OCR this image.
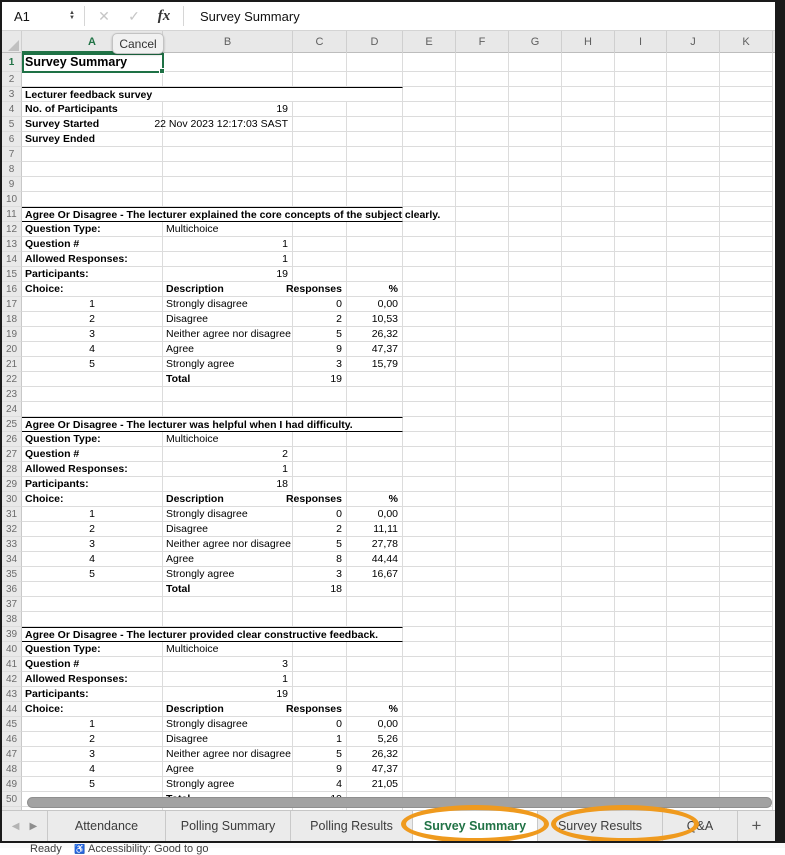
A1	▲
▼	✕	✓	fx	Survey Summary
A	B	C	D	E	F	G	H	I	J	K
1 Survey Summary
2
3	Lecturer feedback survey
4	No. of Participants	19
5	Survey Started	22 Nov 2023 12:17:03 SAST
6	Survey Ended
7
8
9
10
11 Agree Or Disagree - The lecturer explained the core concepts of the subject clearly.
12 Question Type:	Multichoice
13 Question #	1
14 Allowed Responses:	1
15 Participants:	19
16 Choice:	Description	Responses	%
17	1	Strongly disagree	0	0,00
18	2	Disagree	2	10,53
19	3	Neither agree nor disagree	5	26,32
20	4	Agree	9	47,37
21	5	Strongly agree	3	15,79
22	Total	19
23
24
25 Agree Or Disagree - The lecturer was helpful when I had difficulty.
26 Question Type:	Multichoice
27 Question #	2
28 Allowed Responses:	1
29 Participants:	18
30 Choice:	Description	Responses	%
31	1	Strongly disagree	0	0,00
32	2	Disagree	2	11,11
33	3	Neither agree nor disagree	5	27,78
34	4	Agree	8	44,44
35	5	Strongly agree	3	16,67
36	Total	18
37
38
39 Agree Or Disagree - The lecturer provided clear constructive feedback.
40 Question Type:	Multichoice
41 Question #	3
42 Allowed Responses:	1
43 Participants:	19
44 Choice:	Description	Responses	%
45	1	Strongly disagree	0	0,00
46	2	Disagree	1	5,26
47	3	Neither agree nor disagree	5	26,32
48	4	Agree	9	47,37
49	5	Strongly agree	4	21,05
50
Cancel
◀ ▶	Attendance	Polling Summary	Polling Results	Survey Summary	Survey Results	Q&A	+
Ready ♿ Accessibility: Good to go
